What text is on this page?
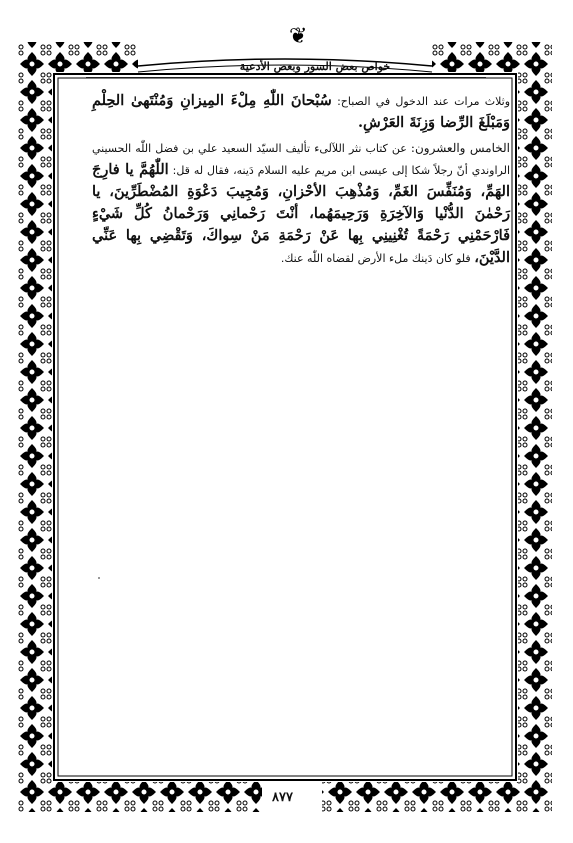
❦
خواص بعض السور وبعض الأدعية

وثلاث مرات عند الدخول في الصباح: سُبْحانَ اللّٰهِ مِلْءَ المِيزانِ وَمُنْتَهىٰ الحِلْمِ وَمَبْلَغَ الرِّضا وَزِنَةَ العَرْشِ.

الخامس والعشرون: عن كتاب نثر اللآلىء تأليف السيّد السعيد علي بن فضل اللّٰه الحسيني الراوندي أنّ رجلاً شكا إلى عيسى ابن مريم عليه السلام دَينه، فقال له قل: اللّٰهُمَّ يا فارِجَ الهَمِّ، وَمُنَفِّسَ الغَمِّ، وَمُذْهِبَ الأحْزانِ، وَمُجِيبَ دَعْوَةِ المُضْطَرِّينَ، يا رَحْمٰنَ الدُّنْيا وَالآخِرَةِ وَرَحِيمَهُما، أنْتَ رَحْمانِي وَرَحْمانُ كُلِّ شَيْءٍ فَارْحَمْنِي رَحْمَةً تُغْنِينِي بِها عَنْ رَحْمَةِ مَنْ سِواكَ، وَتَقْضِي بِها عَنِّي الدَّيْنَ، فلو كان دَينك ملء الأرض لقضاه اللّٰه عنك.

٨٧٧
